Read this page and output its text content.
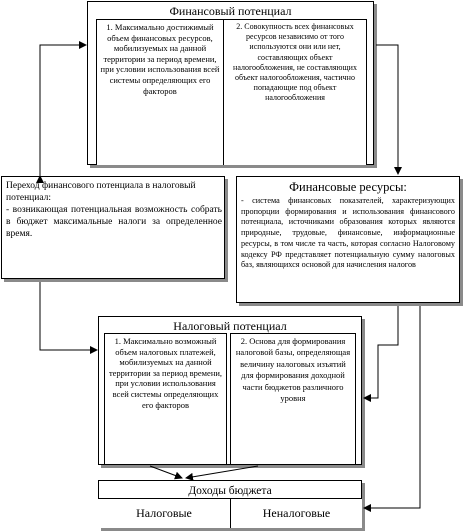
Финансовый потенциал
1. Максимально достижимый объем финансовых ресурсов, мобилизуемых на данной территории за период времени, при условии использования всей системы определяющих его факторов
2. Совокупность всех финансовых ресурсов независимо от того используются они или нет, составляющих объект налогообложения, не составляющих объект налогообложения, частично попадающие под объект налогообложения
Переход финансового потенциала в налоговый потенциал:
- возникающая потенциальная возможность собрать в бюджет максимальные налоги за определенное время.
Финансовые ресурсы:
- система финансовых показателей, характеризующих пропорции формирования и использования финансового потенциала, источниками образования которых являются природные, трудовые, финансовые, информационные ресурсы, в том числе та часть, которая согласно Налоговому кодексу РФ представляет потенциальную сумму налоговых баз, являющихся основой для начисления налогов
Налоговый потенциал
1. Максимально возможный объем налоговых платежей, мобилизуемых на данной территории за период времени, при условии использования всей системы определяющих его факторов
2. Основа для формирования налоговой базы, определяющая величину налоговых изъятий для формирования доходной части бюджетов различного уровня
Доходы бюджета
Налоговые	Неналоговые
